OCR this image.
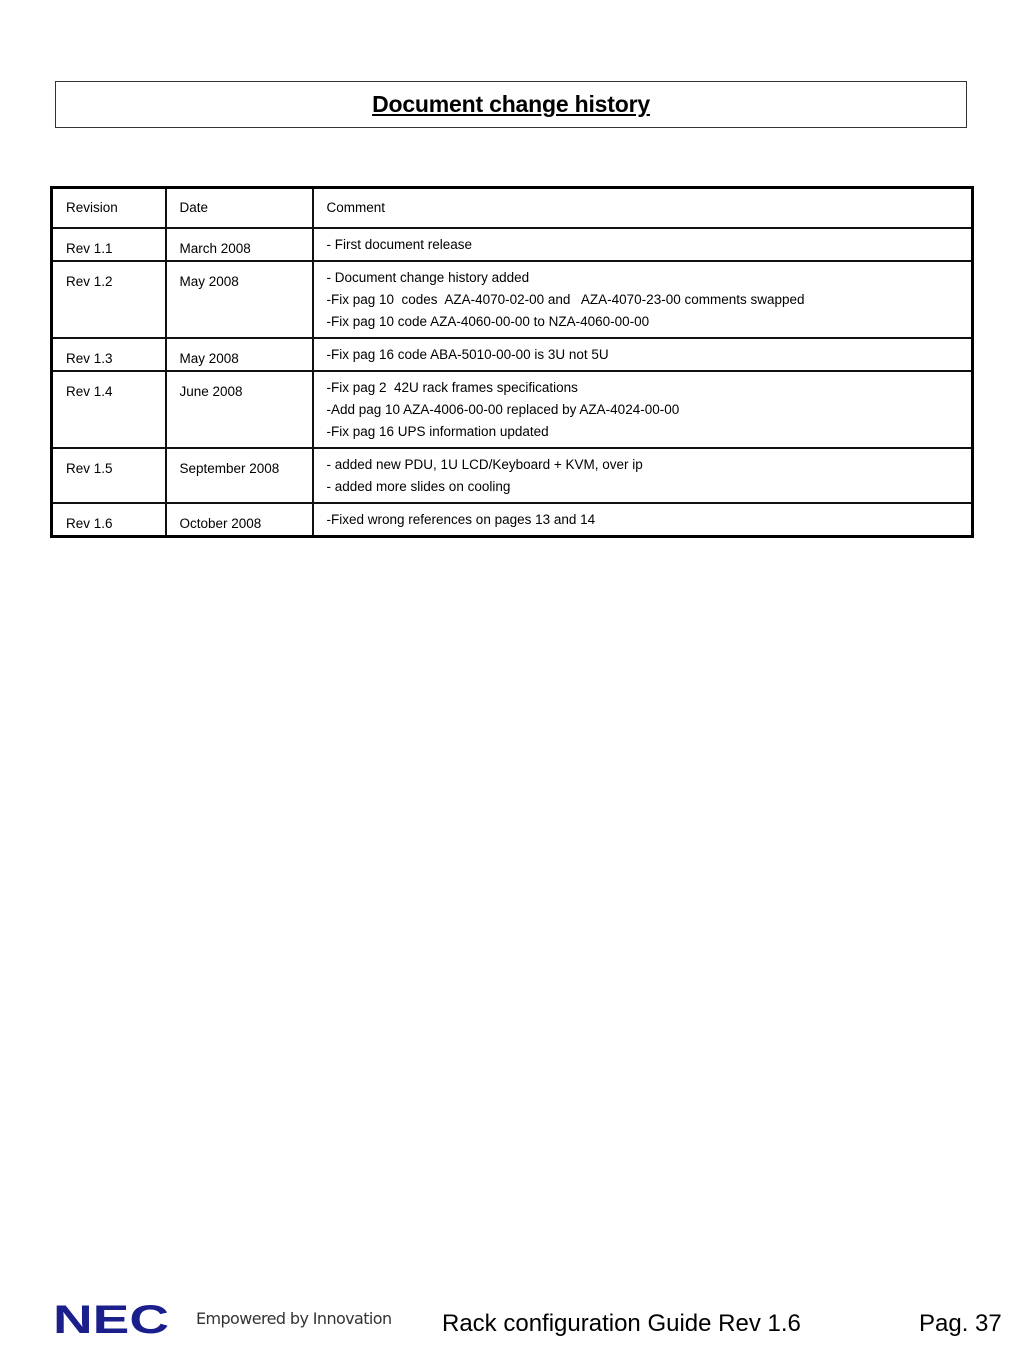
Document change history
Revision	Date	Comment
Rev 1.1	March 2008	- First document release

Rev 1.2	May 2008	- Document change history added
-Fix pag 10  codes  AZA-4070-02-00 and   AZA-4070-23-00 comments swapped
-Fix pag 10 code AZA-4060-00-00 to NZA-4060-00-00

Rev 1.3	May 2008	-Fix pag 16 code ABA-5010-00-00 is 3U not 5U

Rev 1.4	June 2008	-Fix pag 2  42U rack frames specifications
-Add pag 10 AZA-4006-00-00 replaced by AZA-4024-00-00
-Fix pag 16 UPS information updated

Rev 1.5	September 2008	- added new PDU, 1U LCD/Keyboard + KVM, over ip
- added more slides on cooling

Rev 1.6	October 2008	-Fixed wrong references on pages 13 and 14
NEC Empowered by Innovation Rack configuration Guide Rev 1.6	Pag. 37
